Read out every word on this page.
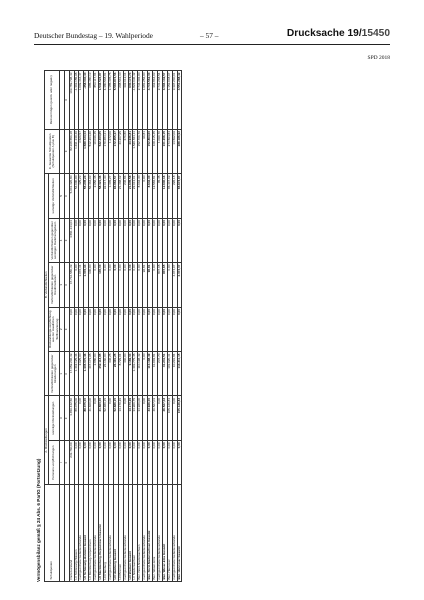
Deutscher Bundestag – 19. Wahlperiode	– 57 –	Drucksache 19/15450
SPD 2018
Vermögensbilanz gemäß § 24 Abs. 6 PartG (Fortsetzung)	Schuldposten	A. Rückstellungen		B. Verbindlichkeiten					C. Gesamte Schuldposten (Schuldposten A plus B)	Reinvermögen (positiv oder negativ)
	Pensions-verpflichtungen	sonstige Rückstellungen	Verbindlichkeiten gegenüber Gliederungen	Rückzahlungs-verpflichtung aus der staatlichen Teilfinanzierung	Verbindlichkeiten gegenüber Kreditinstituten	Verbindlichkeiten gegenüber sonstigen Darlehensgebern	sonstige Verbindlichkeiten		
	I	II	1	2	3	4	5		
	€	€	€	€	€	€	€	€	€
Parteivorstand	233.760,00	3.659.442,50	17.659.206,39	0,00	47.716.580,39	4.551.144,03	5.641.326,80	82.368.556,18	103.789.798,43
LV Schleswig-Holstein	0,00	88.075,00	1.442.125,46	0,00	0,00	0,00	54.600,00	1.691.130,46	-1.363.155,95
nachgeordnete Gebietsverbände	0,00	0,00	2.925,00	0,00	1.076,34	0,00	425,23	3.526,57	1.009.364,47
LV Schleswig-Holstein Gesamt	0,00	88.075,00	1.445.070,46	0,00	1.076,34	0,00	55.245,23	1.589.723,03	-358.030,40
LV Mecklenburg-Vorpommern	0,00	41.660,00	447.173,95	0,00	100,00	0,00	56.464,93	512.264,20	685.480,13
nachgeordnete Gebietsverbände	0,00	0,00	2.880,00	0,00	0,00	0,00	2.956,45	10.036,45	853.117,84
LV Mecklenburg-Vorpommern Gesamt	0,00	41.660,00	452.113,95	0,00	100,00	0,00	58.421,36	522.300,65	1.534.524,87
LO Hamburg	0,00	52.686,15	26.160,00	0,00	0,00	0,00	92.617,30	170.683,21	4.380.568,81
nachgeordnete Gebietsverbände	0,00	0,00	336,25	0,00	0,00	0,00	1.345,27	1.672,06	1.185.305,75
LO Hamburg Gesamt	0,00	52.686,15	26.491,25	0,00	0,00	0,00	93.962,57	172.355,27	5.565.874,56
LO Bremen	0,00	13.170,29	8.729,04	0,00	0,00	0,00	21.368,62	43.267,95	208.561,10
nachgeordnete Gebietsverbände	0,00	0,00	440,00	0,00	0,00	0,00	236,86	676,86	392.612,64
LO Bremen Gesamt	0,00	13.170,29	9.169,04	0,00	0,00	0,00	21.605,58	43.936,81	600.173,74
LV Niedersachsen	0,00	33.966,75	1.403.775,45	0,00	0,00	0,00	22.613,01	1.526.843,11	-1.822.636,42
Bez. Nord-Niedersachsen	0,00	33.926,00	110.198,49	0,00	0,00	0,00	8.642,30	152.766,79	2.734.306,00
nachgeordnete Gebietsverbände	0,00	0,00	0,00	0,00	96,81	0,00	0,00	96,81	1.981.256,00
Bez. Nord-Niedersachsen Gesamt	0,00	33.926,00	110.198,49	0,00	96,81	0,00	8.642,30	152.863,60	4.715.562,00
Bez. Weser-Ems	0,00	46.527,03	41.003,81	0,00	0,00	0,00	12.584,81	100.115,45	362.864,03
nachgeordnete Gebietsverbände	0,00	0,00	237,70	0,00	807,65	0,00	45,35	1.090,70	2.731.268,54
Bez. Weser-Ems Gesamt	0,00	46.527,03	41.241,51	0,00	807,65	0,00	12.630,16	101.206,15	3.094.132,57
Bez. Hannover	0,00	105.126,83	103.020,31	0,00	0,00	0,00	65.447,69	273.594,83	1.153.048,67
nachgeordnete Gebietsverbände	0,00	0,00	10.291,84	0,00	4.074,07	0,00	226,18	14.592,09	3.397.240,01
Bez. Hannover Gesamt	0,00	105.126,83	113.311,15	0,00	4.074,07	0,00	65.673,87	288.186,92	4.551.288,42
